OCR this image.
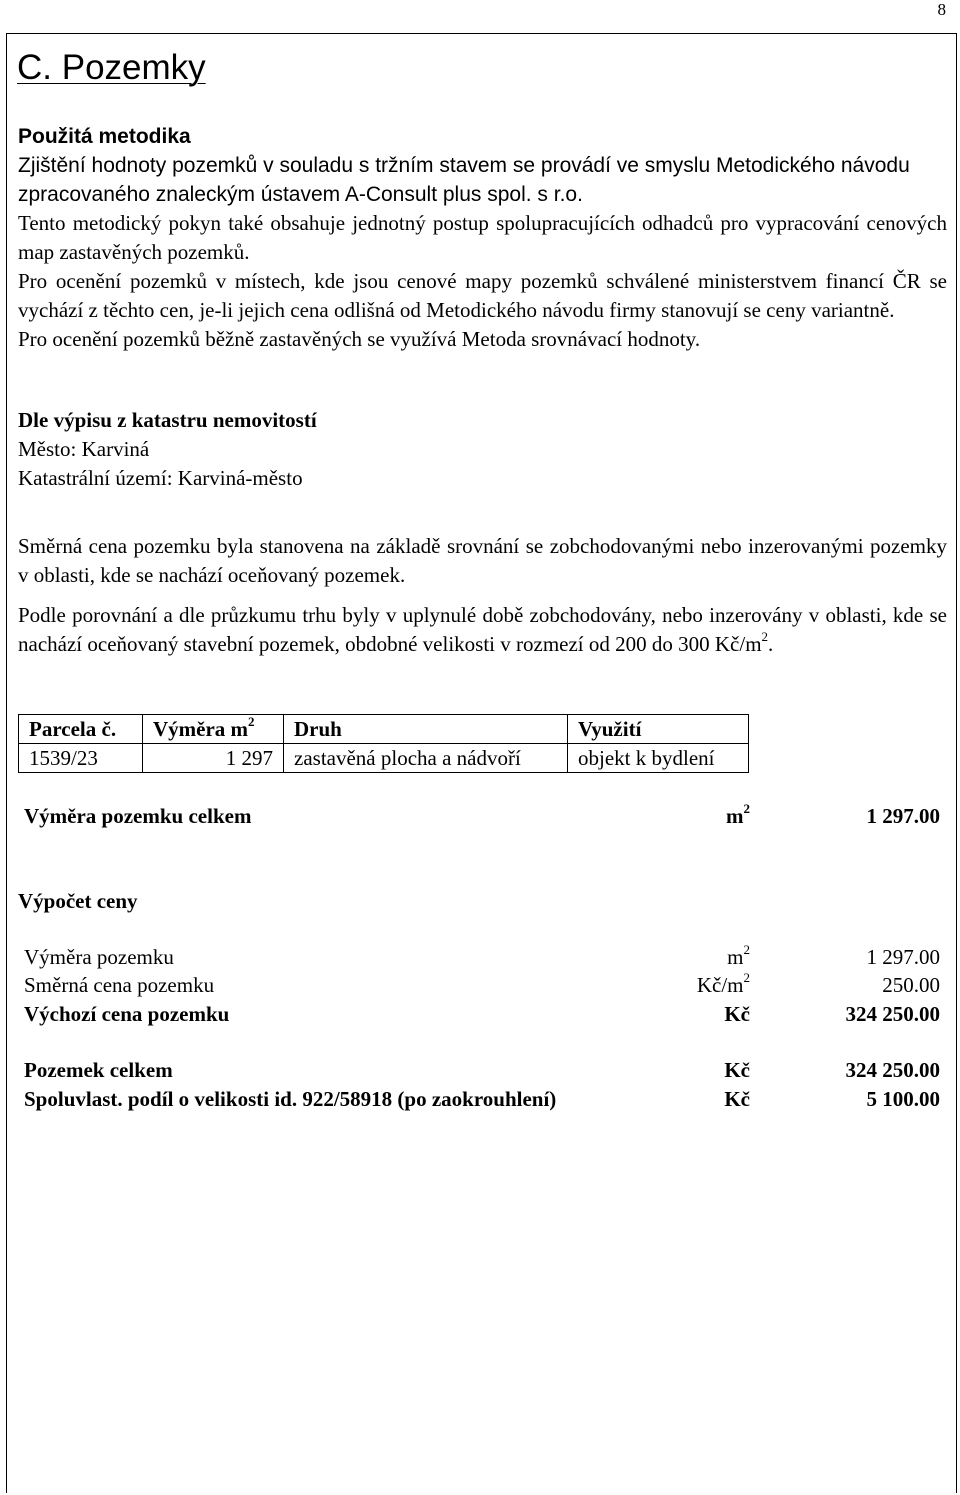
8
C. Pozemky

Použitá metodika

Zjištění hodnoty pozemků v souladu s tržním stavem se provádí ve smyslu Metodického návodu

zpracovaného znaleckým ústavem A-Consult plus spol. s r.o.

Tento metodický pokyn také obsahuje jednotný postup spolupracujících odhadců pro vypracování cenových map zastavěných pozemků.

Pro ocenění pozemků v místech, kde jsou cenové mapy pozemků schválené ministerstvem financí ČR se vychází z těchto cen, je-li jejich cena odlišná od Metodického návodu firmy stanovují se ceny variantně.

Pro ocenění pozemků běžně zastavěných se využívá Metoda srovnávací hodnoty.

Dle výpisu z katastru nemovitostí

Město: Karviná

Katastrální území: Karviná-město

Směrná cena pozemku byla stanovena na základě srovnání se zobchodovanými nebo inzerovanými pozemky v oblasti, kde se nachází oceňovaný pozemek.

Podle porovnání a dle průzkumu trhu byly v uplynulé době zobchodovány, nebo inzerovány v oblasti, kde se nachází oceňovaný stavební pozemek, obdobné velikosti v rozmezí od 200 do 300 $Kč/m^2$.

Parcela č.	Výměra $m^2$	Druh	Využití
1539/23	1 297	zastavěná plocha a nádvoří	objekt k bydlení
Výměra pozemku celkem	$m^2$	1 297.00
Výpočet ceny
Výměra pozemku	$m^2$	1 297.00
Směrná cena pozemku	$Kč/m^2$	250.00
Výchozí cena pozemku	Kč	324 250.00
Pozemek celkem	Kč	324 250.00
Spoluvlast. podíl o velikosti id. 922/58918 (po zaokrouhlení)	Kč	5 100.00
